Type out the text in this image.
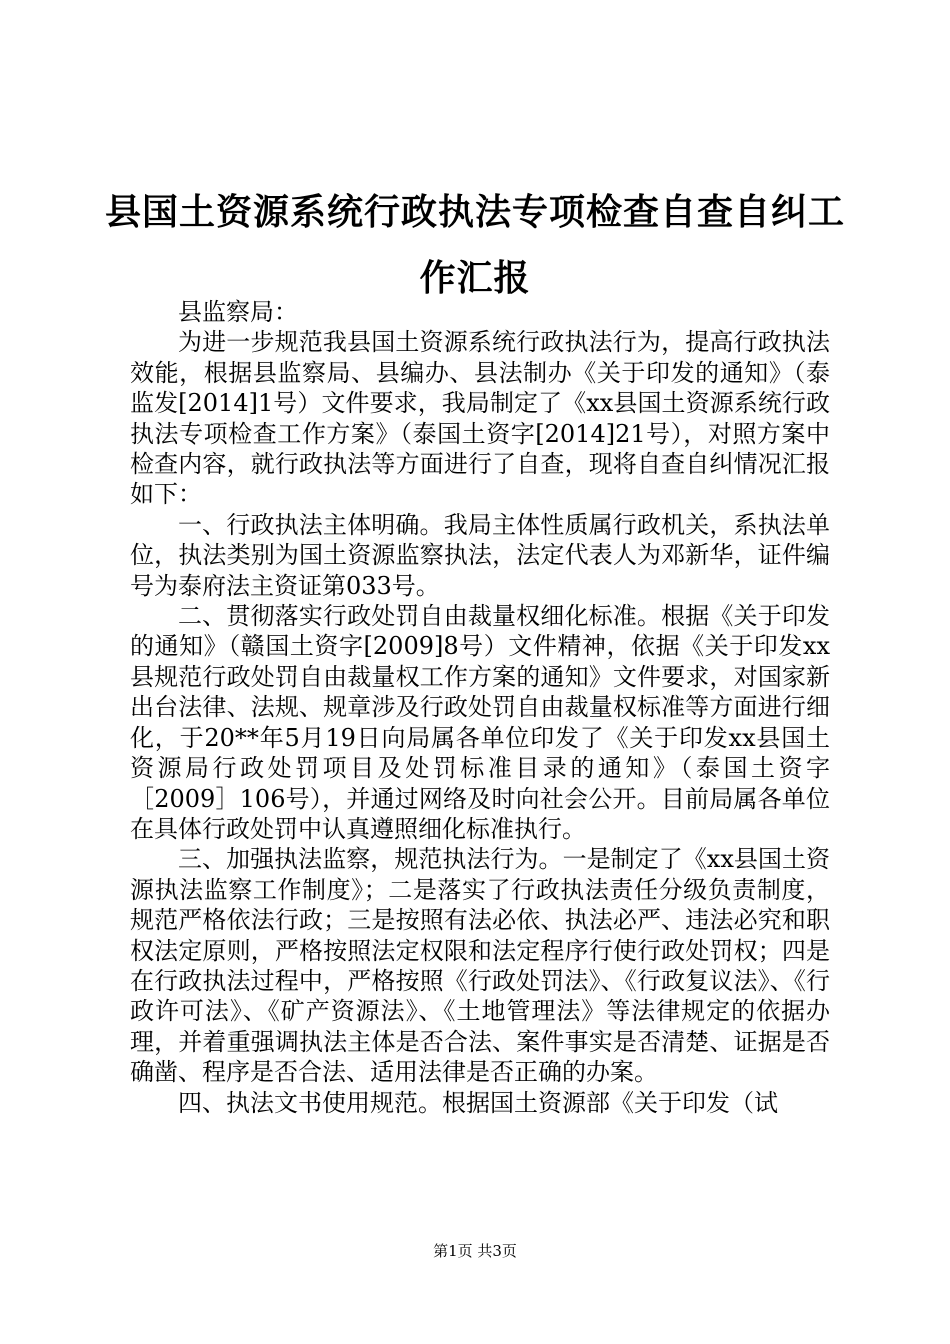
县国土资源系统行政执法专项检查自查自纠工
作汇报

县监察局：

为进一步规范我县国土资源系统行政执法行为，提高行政执法效能，根据县监察局、县编办、县法制办《关于印发的通知》（泰监发[2014]1号）文件要求，我局制定了《xx县国土资源系统行政执法专项检查工作方案》（泰国土资字[2014]21号），对照方案中检查内容，就行政执法等方面进行了自查，现将自查自纠情况汇报如下：

一、行政执法主体明确。我局主体性质属行政机关，系执法单位，执法类别为国土资源监察执法，法定代表人为邓新华，证件编号为泰府法主资证第033号。

二、贯彻落实行政处罚自由裁量权细化标准。根据《关于印发的通知》（赣国土资字[2009]8号）文件精神，依据《关于印发xx县规范行政处罚自由裁量权工作方案的通知》文件要求，对国家新出台法律、法规、规章涉及行政处罚自由裁量权标准等方面进行细化，于20**年5月19日向局属各单位印发了《关于印发xx县国土资源局行政处罚项目及处罚标准目录的通知》（泰国土资字［2009］106号），并通过网络及时向社会公开。目前局属各单位在具体行政处罚中认真遵照细化标准执行。

三、加强执法监察，规范执法行为。一是制定了《xx县国土资源执法监察工作制度》；二是落实了行政执法责任分级负责制度，规范严格依法行政；三是按照有法必依、执法必严、违法必究和职权法定原则，严格按照法定权限和法定程序行使行政处罚权；四是在行政执法过程中，严格按照《行政处罚法》、《行政复议法》、《行政许可法》、《矿产资源法》、《土地管理法》等法律规定的依据办理，并着重强调执法主体是否合法、案件事实是否清楚、证据是否确凿、程序是否合法、适用法律是否正确的办案。

四、执法文书使用规范。根据国土资源部《关于印发（试

第1页 共3页
